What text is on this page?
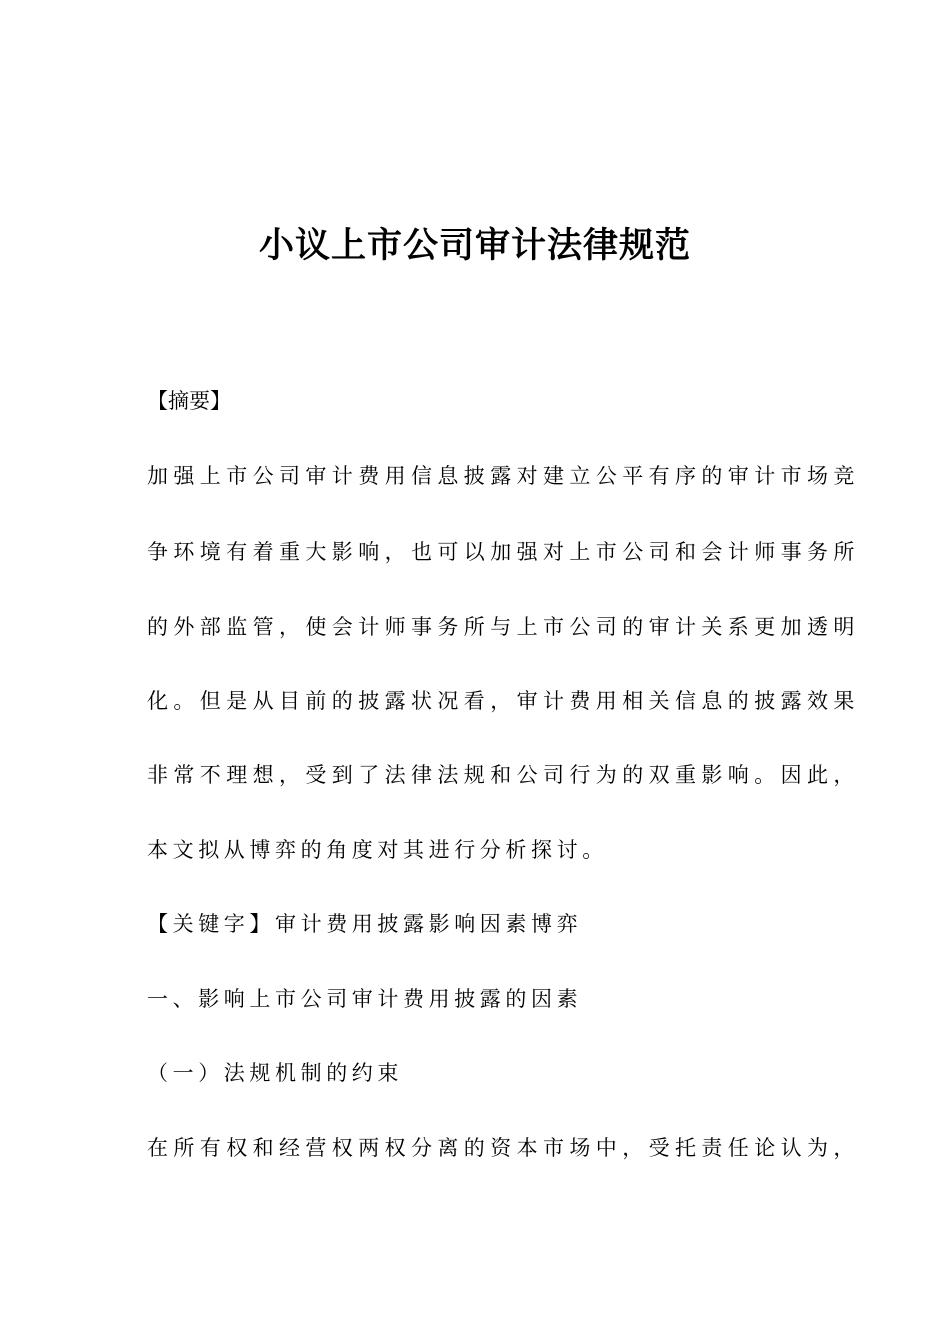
小议上市公司审计法律规范

【摘要】

加强上市公司审计费用信息披露对建立公平有序的审计市场竞

争环境有着重大影响，也可以加强对上市公司和会计师事务所

的外部监管，使会计师事务所与上市公司的审计关系更加透明

化。但是从目前的披露状况看，审计费用相关信息的披露效果

非常不理想，受到了法律法规和公司行为的双重影响。因此，

本文拟从博弈的角度对其进行分析探讨。

【关键字】审计费用披露影响因素博弈

一、影响上市公司审计费用披露的因素

（一）法规机制的约束

在所有权和经营权两权分离的资本市场中，受托责任论认为，
